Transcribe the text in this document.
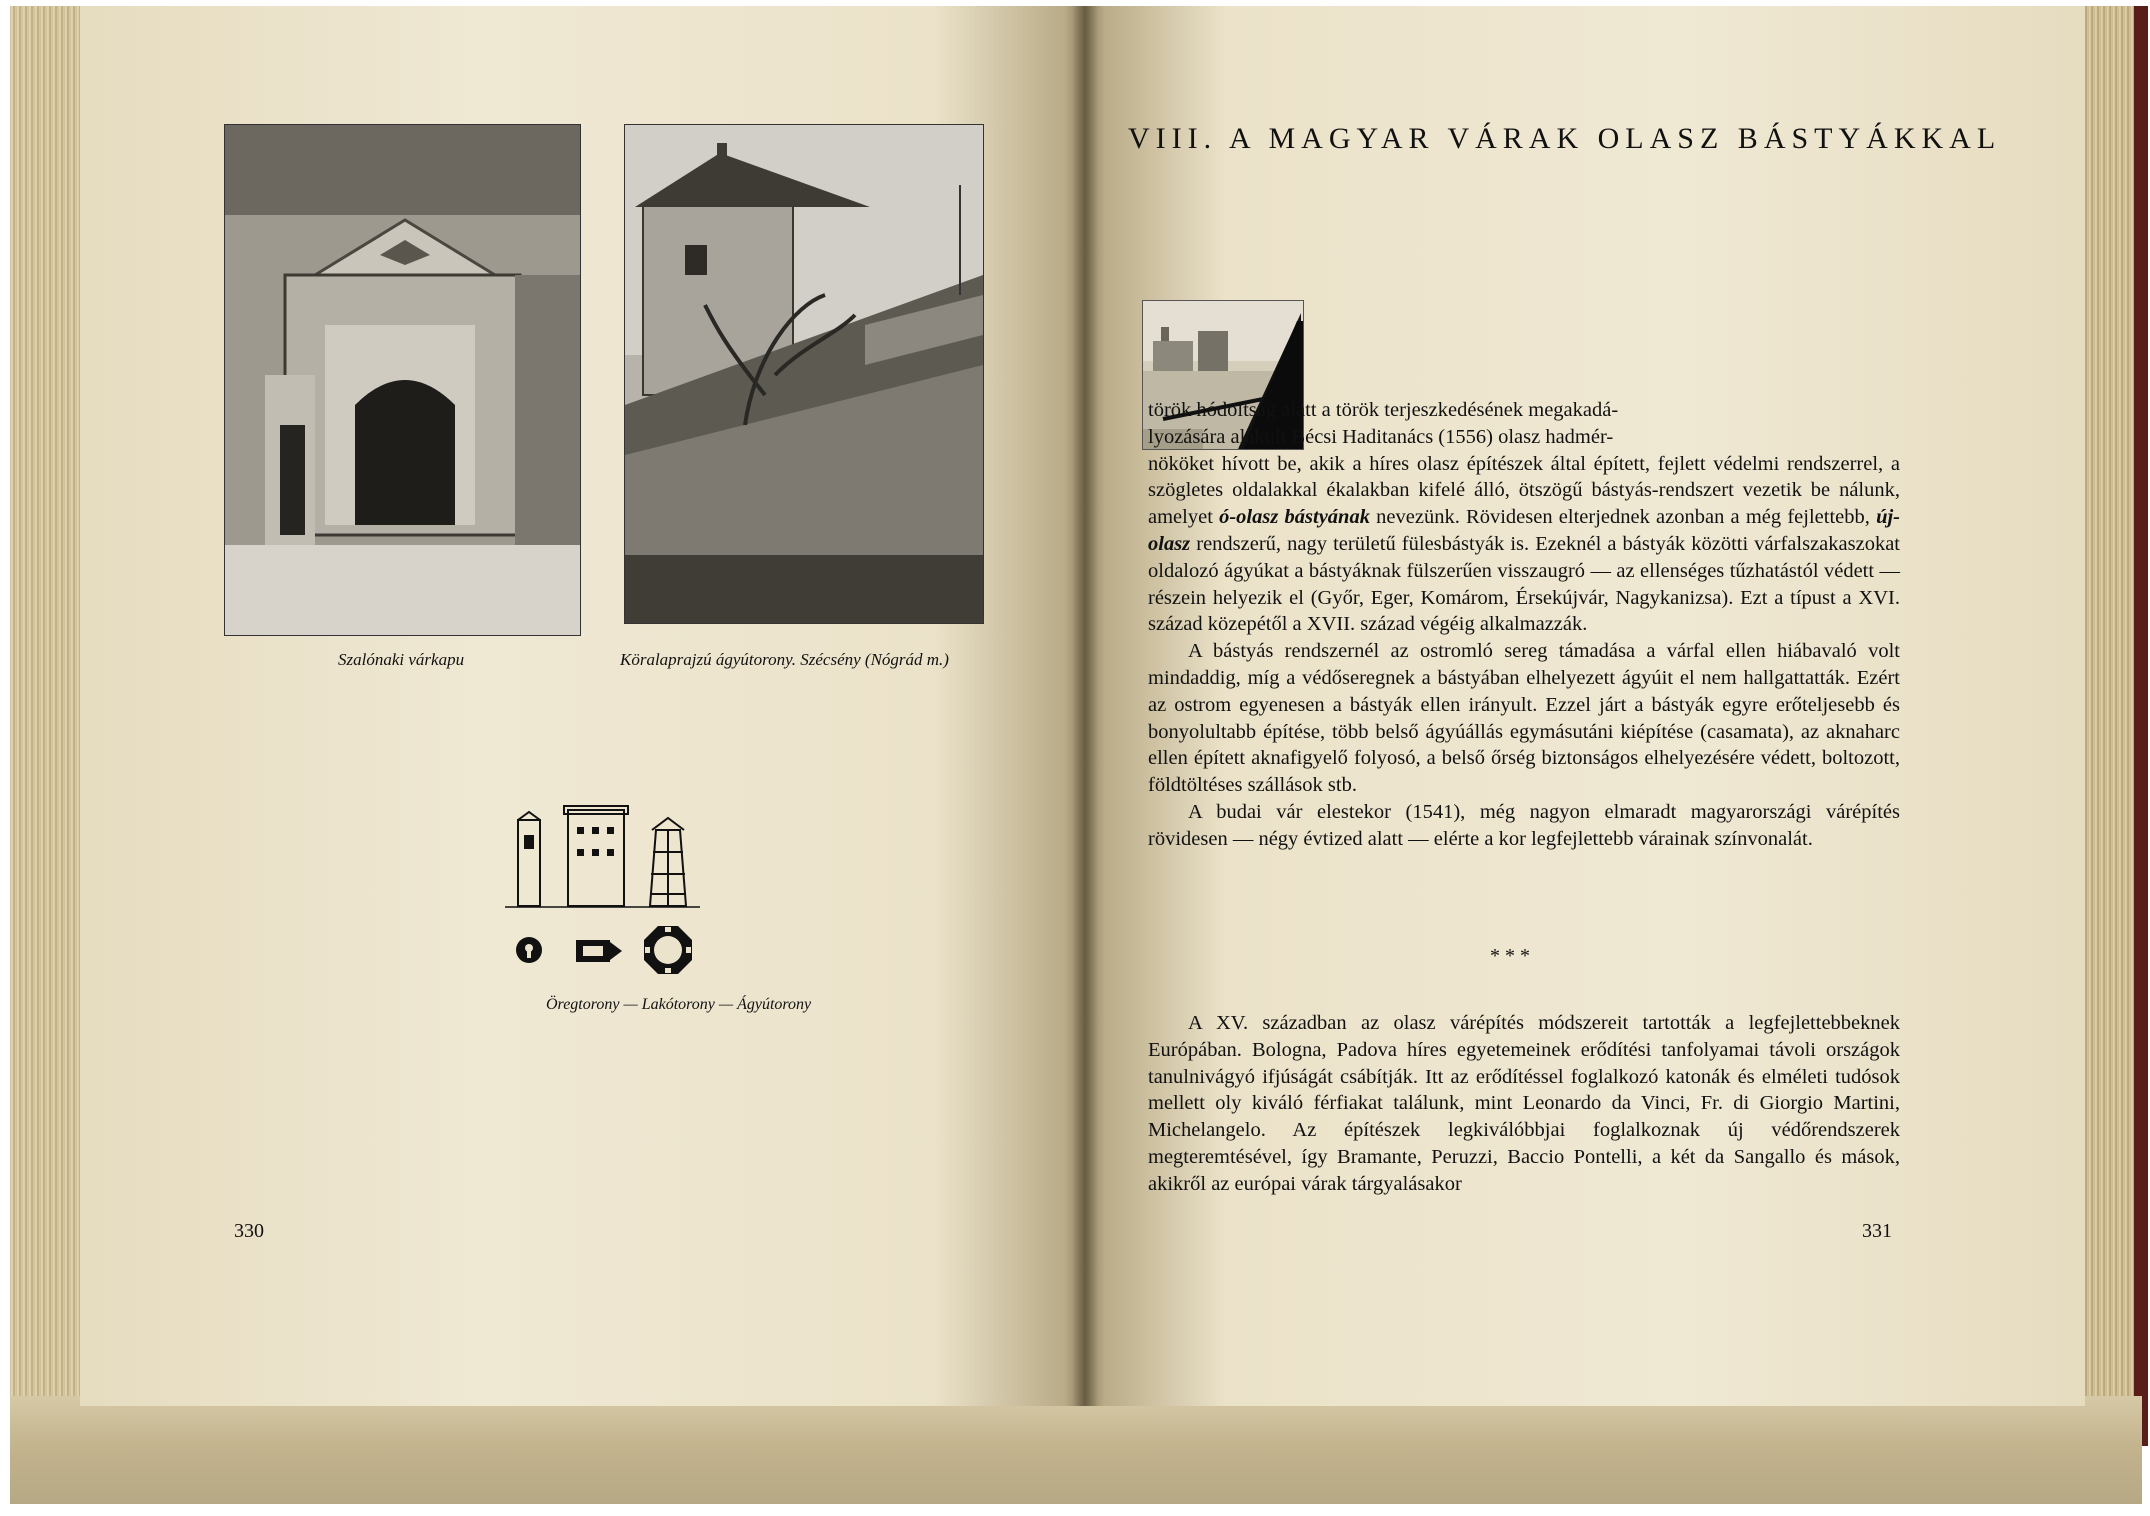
Szalónaki várkapu	Köralaprajzú ágyútorony. Szécsény (Nógrád m.)
Öregtorony — Lakótorony — Ágyútorony
330
VIII. A MAGYAR VÁRAK OLASZ BÁSTYÁKKAL

török hódoltság alatt a török terjeszkedésének megakadá-

lyozására alakult Bécsi Haditanács (1556) olasz hadmér-

nököket hívott be, akik a híres olasz építészek által épített, fejlett védelmi rendszerrel, a szögletes oldalakkal ékalakban kifelé álló, ötszögű bástyás-rendszert vezetik be nálunk, amelyet ó-olasz bástyának nevezünk. Rövidesen elterjednek azonban a még fejlettebb, új-olasz rendszerű, nagy területű fülesbástyák is. Ezeknél a bástyák közötti várfalszakaszokat oldalozó ágyúkat a bástyáknak fülszerűen visszaugró — az ellenséges tűzhatástól védett — részein helyezik el (Győr, Eger, Komárom, Érsekújvár, Nagykanizsa). Ezt a típust a XVI. század közepétől a XVII. század végéig alkalmazzák.

A bástyás rendszernél az ostromló sereg támadása a várfal ellen hiábavaló volt mindaddig, míg a védőseregnek a bástyában elhelyezett ágyúit el nem hallgattatták. Ezért az ostrom egyenesen a bástyák ellen irányult. Ezzel járt a bástyák egyre erőteljesebb és bonyolultabb építése, több belső ágyúállás egymásutáni kiépítése (casamata), az aknaharc ellen épített aknafigyelő folyosó, a belső őrség biztonságos elhelyezésére védett, boltozott, földtöltéses szállások stb.

A budai vár elestekor (1541), még nagyon elmaradt magyarországi várépítés rövidesen — négy évtized alatt — elérte a kor legfejlettebb várainak színvonalát.

* * *

A XV. században az olasz várépítés módszereit tartották a legfejlettebbeknek Európában. Bologna, Padova híres egyetemeinek erődítési tanfolyamai távoli országok tanulnivágyó ifjúságát csábítják. Itt az erődítéssel foglalkozó katonák és elméleti tudósok mellett oly kiváló férfiakat találunk, mint Leonardo da Vinci, Fr. di Giorgio Martini, Michelangelo. Az építészek legkiválóbbjai foglalkoznak új védőrendszerek megteremtésével, így Bramante, Peruzzi, Baccio Pontelli, a két da Sangallo és mások, akikről az európai várak tárgyalásakor

331
